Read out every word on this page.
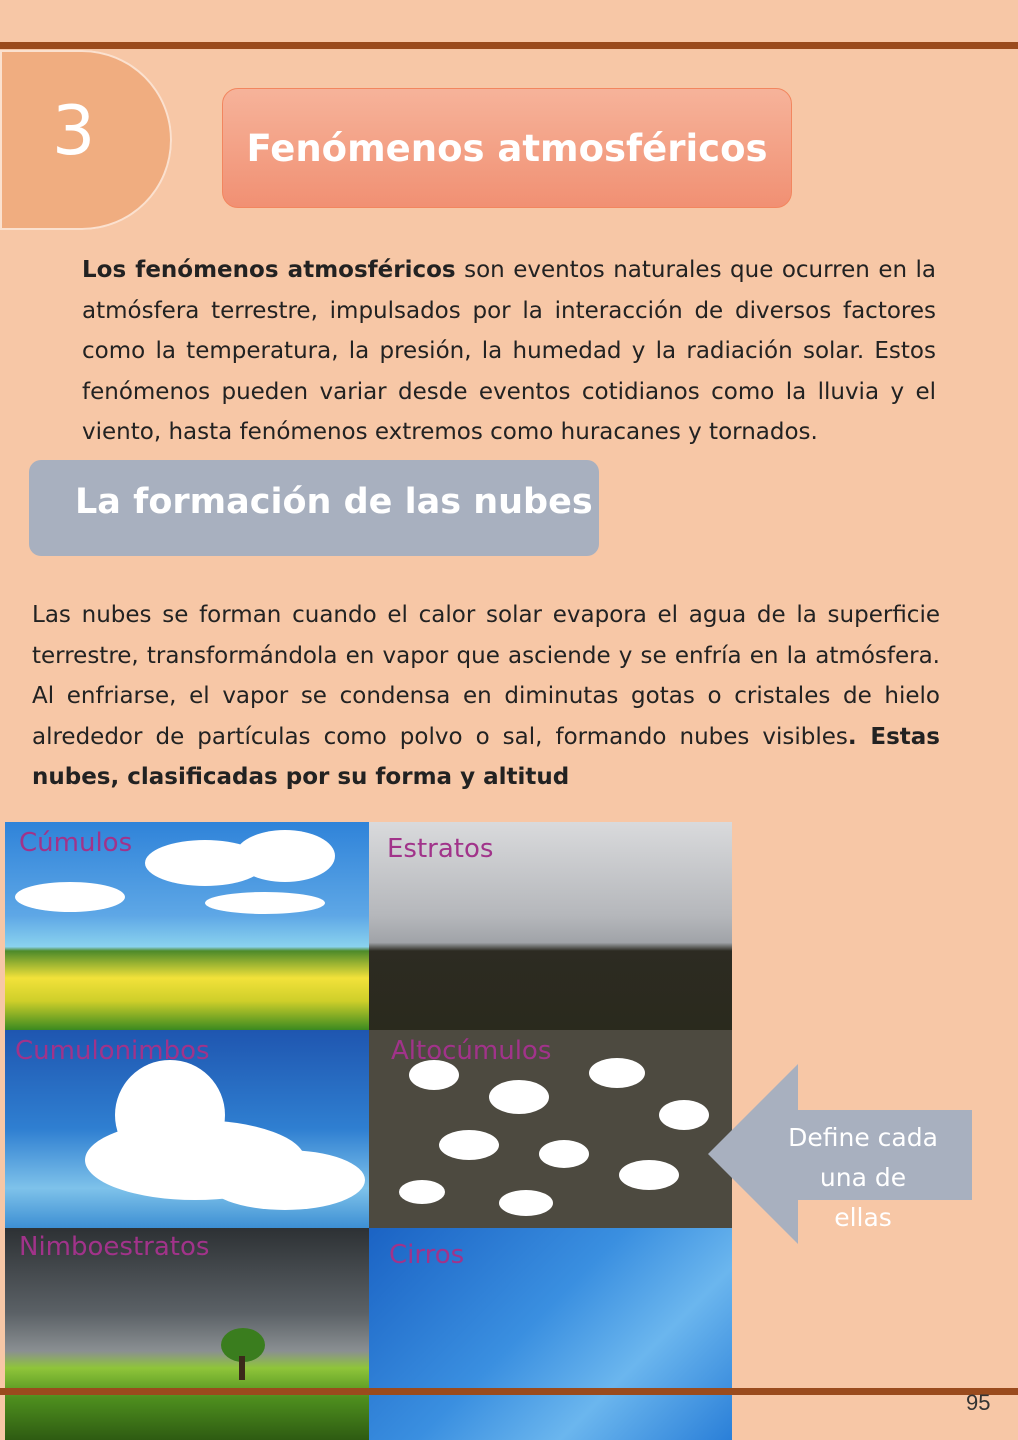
3	Fenómenos atmosféricos
Los fenómenos atmosféricos son eventos naturales que ocurren en la atmósfera terrestre, impulsados por la interacción de diversos factores como la temperatura, la presión, la humedad y la radiación solar. Estos fenómenos pueden variar desde eventos cotidianos como la lluvia y el viento, hasta fenómenos extremos como huracanes y tornados.
La formación de las nubes
Las nubes se forman cuando el calor solar evapora el agua de la superficie terrestre, transformándola en vapor que asciende y se enfría en la atmósfera. Al enfriarse, el vapor se condensa en diminutas gotas o cristales de hielo alrededor de partículas como polvo o sal, formando nubes visibles. Estas nubes, clasificadas por su forma y altitud
Cúmulos	Estratos
Cumulonimbos	Altocúmulos
Nimboestratos	Cirros
Define cada una de ellas
95
